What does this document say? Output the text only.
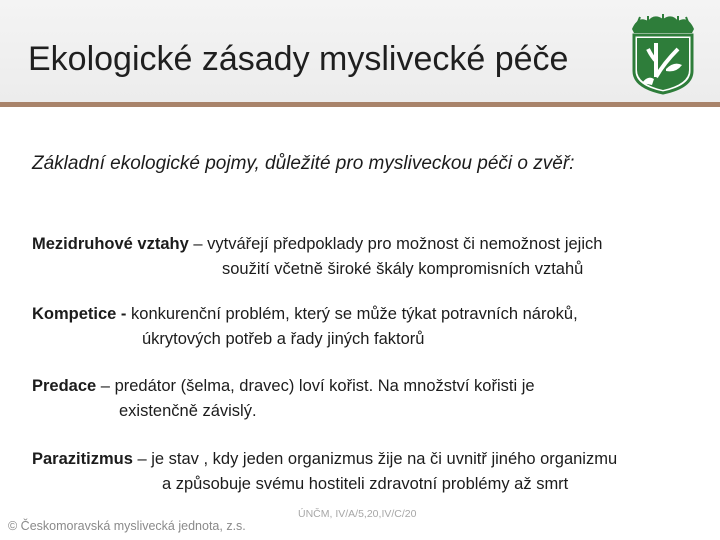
Ekologické zásady myslivecké péče

Základní ekologické pojmy, důležité pro mysliveckou péči o zvěř:

Mezidruhové vztahy – vytvářejí předpoklady pro možnost či nemožnost jejich
soužití včetně široké škály kompromisních vztahů

Kompetice - konkurenční problém, který se může týkat potravních nároků,
úkrytových potřeb a řady jiných faktorů

Predace – predátor (šelma, dravec) loví kořist. Na množství kořisti je
existenčně závislý.

Parazitizmus – je stav , kdy jeden organizmus žije na či uvnitř jiného organizmu
a způsobuje svému hostiteli zdravotní problémy až smrt

ÚNČM, IV/A/5,20,IV/C/20
© Českomoravská myslivecká jednota, z.s.
